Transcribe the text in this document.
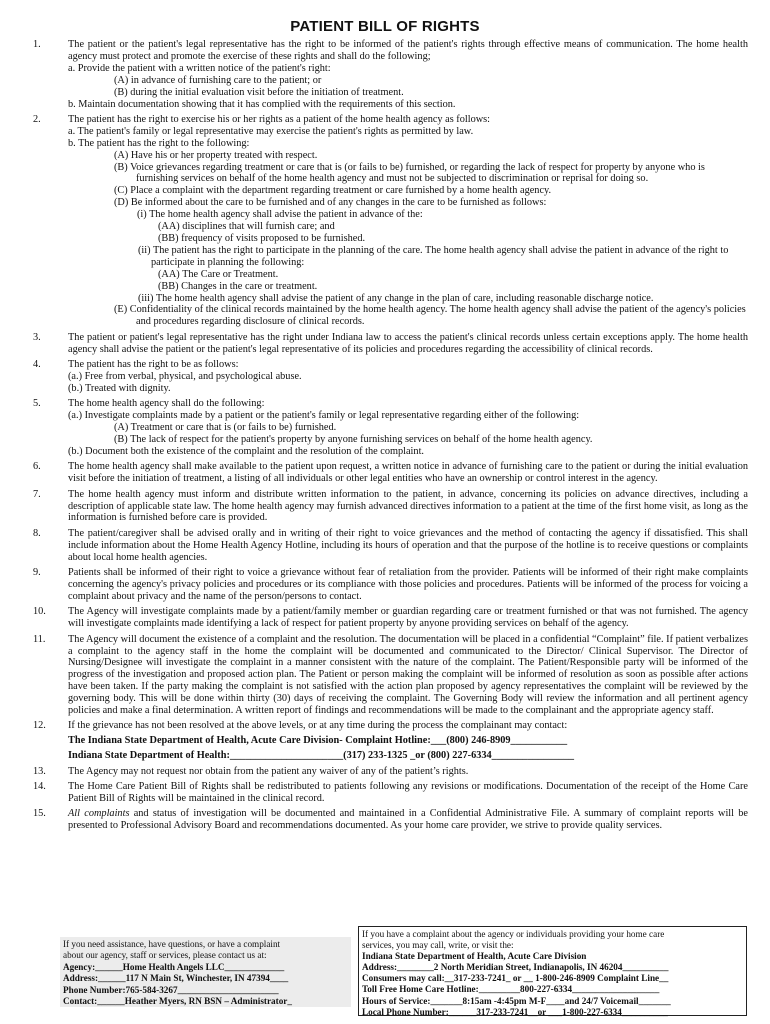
PATIENT BILL OF RIGHTS
1.	The patient or the patient's legal representative has the right to be informed of the patient's rights through effective means of communication. The home health agency must protect and promote the exercise of these rights and shall do the following;

a. Provide the patient with a written notice of the patient's right:

(A) in advance of furnishing care to the patient; or

(B) during the initial evaluation visit before the initiation of treatment.

b. Maintain documentation showing that it has complied with the requirements of this section.

2.	The patient has the right to exercise his or her rights as a patient of the home health agency as follows:

a. The patient's family or legal representative may exercise the patient's rights as permitted by law.

b. The patient has the right to the following:

(A) Have his or her property treated with respect.

(B) Voice grievances regarding treatment or care that is (or fails to be) furnished, or regarding the lack of respect for property by anyone who is furnishing services on behalf of the home health agency and must not be subjected to discrimination or reprisal for doing so.

(C) Place a complaint with the department regarding treatment or care furnished by a home health agency.

(D) Be informed about the care to be furnished and of any changes in the care to be furnished as follows:

(i) The home health agency shall advise the patient in advance of the:

(AA) disciplines that will furnish care; and

(BB) frequency of visits proposed to be furnished.

(ii) The patient has the right to participate in the planning of the care. The home health agency shall advise the patient in advance of the right to participate in planning the following:

(AA) The Care or Treatment.

(BB) Changes in the care or treatment.

(iii) The home health agency shall advise the patient of any change in the plan of care, including reasonable discharge notice.

(E) Confidentiality of the clinical records maintained by the home health agency. The home health agency shall advise the patient of the agency's policies and procedures regarding disclosure of clinical records.

3.	The patient or patient's legal representative has the right under Indiana law to access the patient's clinical records unless certain exceptions apply. The home health agency shall advise the patient or the patient's legal representative of its policies and procedures regarding the accessibility of clinical records.

4.	The patient has the right to be as follows:

(a.) Free from verbal, physical, and psychological abuse.

(b.) Treated with dignity.

5.	The home health agency shall do the following:

(a.) Investigate complaints made by a patient or the patient's family or legal representative regarding either of the following:

(A) Treatment or care that is (or fails to be) furnished.

(B) The lack of respect for the patient's property by anyone furnishing services on behalf of the home health agency.

(b.) Document both the existence of the complaint and the resolution of the complaint.

6.	The home health agency shall make available to the patient upon request, a written notice in advance of furnishing care to the patient or during the initial evaluation visit before the initiation of treatment, a listing of all individuals or other legal entities who have an ownership or control interest in the agency.

7.	The home health agency must inform and distribute written information to the patient, in advance, concerning its policies on advance directives, including a description of applicable state law. The home health agency may furnish advanced directives information to a patient at the time of the first home visit, as long as the information is furnished before care is provided.

8.	The patient/caregiver shall be advised orally and in writing of their right to voice grievances and the method of contacting the agency if dissatisfied. This shall include information about the Home Health Agency Hotline, including its hours of operation and that the purpose of the hotline is to receive questions or complaints about local home health agencies.

9.	Patients shall be informed of their right to voice a grievance without fear of retaliation from the provider. Patients will be informed of their right make complaints concerning the agency's privacy policies and procedures or its compliance with those policies and procedures. Patients will be informed of the process for voicing a complaint about privacy and the name of the person/persons to contact.

10. The Agency will investigate complaints made by a patient/family member or guardian regarding care or treatment furnished or that was not furnished. The agency will investigate complaints made identifying a lack of respect for patient property by anyone providing services on behalf of the agency.

11. The Agency will document the existence of a complaint and the resolution. The documentation will be placed in a confidential “Complaint” file. If patient verbalizes a complaint to the agency staff in the home the complaint will be documented and communicated to the Director/ Clinical Supervisor. The Director of Nursing/Designee will investigate the complaint in a manner consistent with the nature of the complaint. The Patient/Responsible party will be informed of the progress of the investigation and proposed action plan. The Patient or person making the complaint will be informed of resolution as soon as possible after actions have been taken. If the party making the complaint is not satisfied with the action plan proposed by agency representatives the complaint will be reviewed by the governing body. This will be done within thirty (30) days of receiving the complaint. The Governing Body will review the information and all pertinent agency policies and make a final determination. A written report of findings and recommendations will be made to the complainant and the appropriate agency staff.

12. If the grievance has not been resolved at the above levels, or at any time during the process the complainant may contact:

The Indiana State Department of Health, Acute Care Division- Complaint Hotline:___(800) 246-8909___________

Indiana State Department of Health:______________________(317) 233-1325 _or (800) 227-6334________________

13. The Agency may not request nor obtain from the patient any waiver of any of the patient’s rights.

14. The Home Care Patient Bill of Rights shall be redistributed to patients following any revisions or modifications. Documentation of the receipt of the Home Care Patient Bill of Rights will be maintained in the clinical record.

15. All complaints and status of investigation will be documented and maintained in a Confidential Administrative File. A summary of complaint reports will be presented to Professional Advisory Board and recommendations documented. As your home care provider, we strive to provide quality services.

If you need assistance, have questions, or have a complaint
about our agency, staff or services, please contact us at:
Agency:______Home Health Angels LLC_____________
Address:______117 N Main St, Winchester, IN 47394____
Phone Number:765-584-3267______________________
Contact:______Heather Myers, RN BSN – Administrator_
If you have a complaint about the agency or individuals providing your home care
services, you may call, write, or visit the:
Indiana State Department of Health, Acute Care Division
Address:________2 North Meridian Street, Indianapolis, IN 46204__________
Consumers may call:__317-233-7241_ or __ 1-800-246-8909 Complaint Line__
Toll Free Home Care Hotline:_________800-227-6334___________________
Hours of Service:_______8:15am -4:45pm M-F____and 24/7 Voicemail_______
Local Phone Number:______317-233-7241__or ___1-800-227-6334__________
